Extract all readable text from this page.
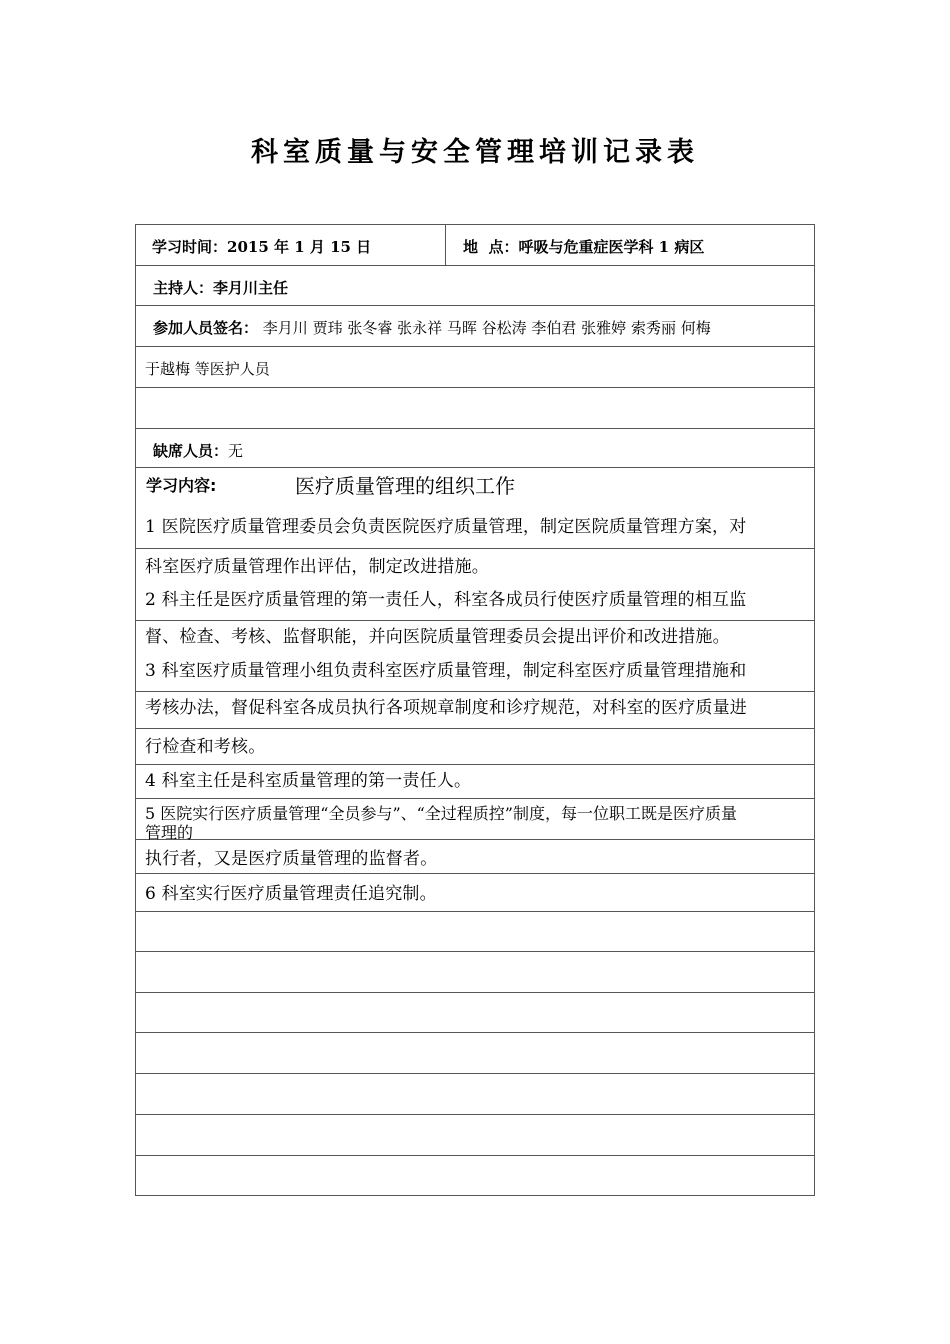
科室质量与安全管理培训记录表
学习时间：2015 年 1 月 15 日	地  点：呼吸与危重症医学科 1 病区
主持人：李月川主任
参加人员签名： 李月川 贾玮 张冬睿 张永祥 马晖 谷松涛 李伯君 张雅婷 索秀丽 何梅
于越梅 等医护人员
缺席人员：无
学习内容:	医疗质量管理的组织工作
1 医院医疗质量管理委员会负责医院医疗质量管理，制定医院质量管理方案，对
科室医疗质量管理作出评估，制定改进措施。
2 科主任是医疗质量管理的第一责任人，科室各成员行使医疗质量管理的相互监
督、检查、考核、监督职能，并向医院质量管理委员会提出评价和改进措施。
3 科室医疗质量管理小组负责科室医疗质量管理，制定科室医疗质量管理措施和
考核办法，督促科室各成员执行各项规章制度和诊疗规范，对科室的医疗质量进
行检查和考核。
4 科室主任是科室质量管理的第一责任人。
5 医院实行医疗质量管理“全员参与”、“全过程质控”制度，每一位职工既是医疗质量
管理的
执行者，又是医疗质量管理的监督者。
6 科室实行医疗质量管理责任追究制。
